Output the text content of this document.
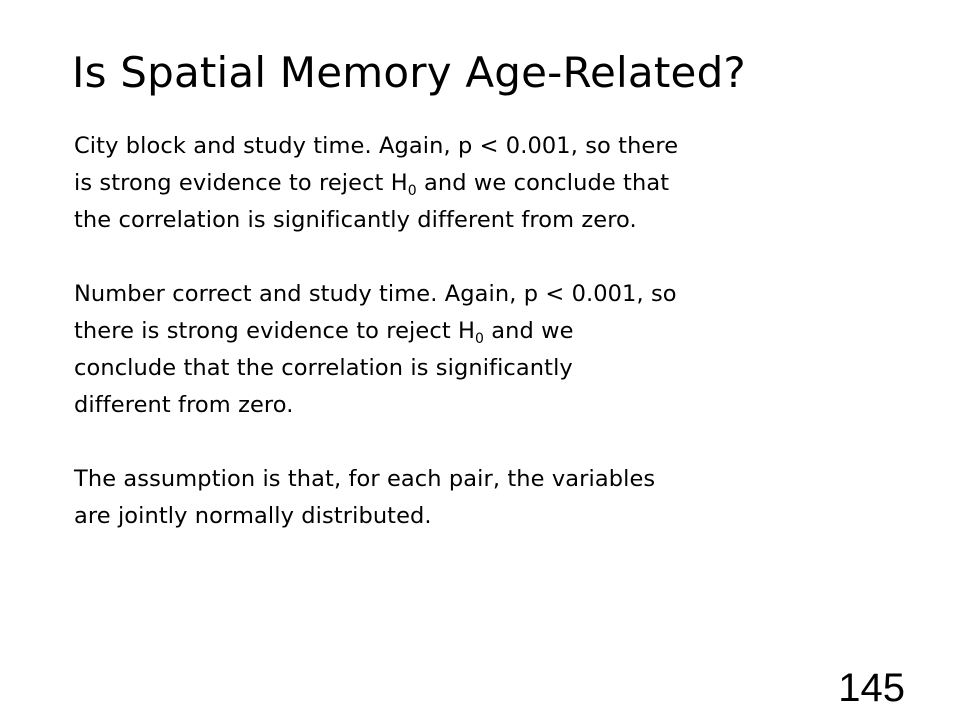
Is Spatial Memory Age-Related?

City block and study time. Again, p < 0.001, so there
is strong evidence to reject $H_0$ and we conclude that
the correlation is significantly different from zero.

Number correct and study time. Again, p < 0.001, so
there is strong evidence to reject $H_0$ and we
conclude that the correlation is significantly
different from zero.

The assumption is that, for each pair, the variables
are jointly normally distributed.

145
